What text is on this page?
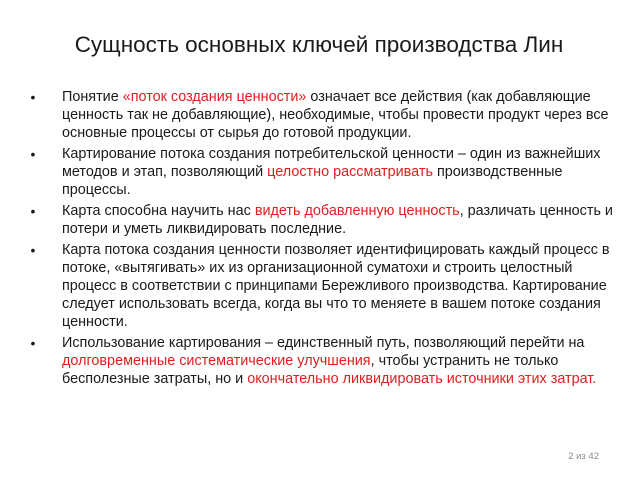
Сущность основных ключей производства Лин
• Понятие «поток создания ценности» означает все действия (как добавляющие ценность так не добавляющие), необходимые, чтобы провести продукт через все основные процессы от сырья до готовой продукции.
• Картирование потока создания потребительской ценности – один из важнейших методов и этап, позволяющий целостно рассматривать производственные процессы.
• Карта способна научить нас видеть добавленную ценность, различать ценность и потери и уметь ликвидировать последние.
• Карта потока создания ценности позволяет идентифицировать каждый процесс в потоке, «вытягивать» их из организационной суматохи и строить целостный процесс в соответствии с принципами Бережливого производства. Картирование следует использовать всегда, когда вы что то меняете в вашем потоке создания ценности.
• Использование картирования – единственный путь, позволяющий перейти на долговременные систематические улучшения, чтобы устранить не только бесполезные затраты, но и окончательно ликвидировать источники этих затрат.
2 из 42
